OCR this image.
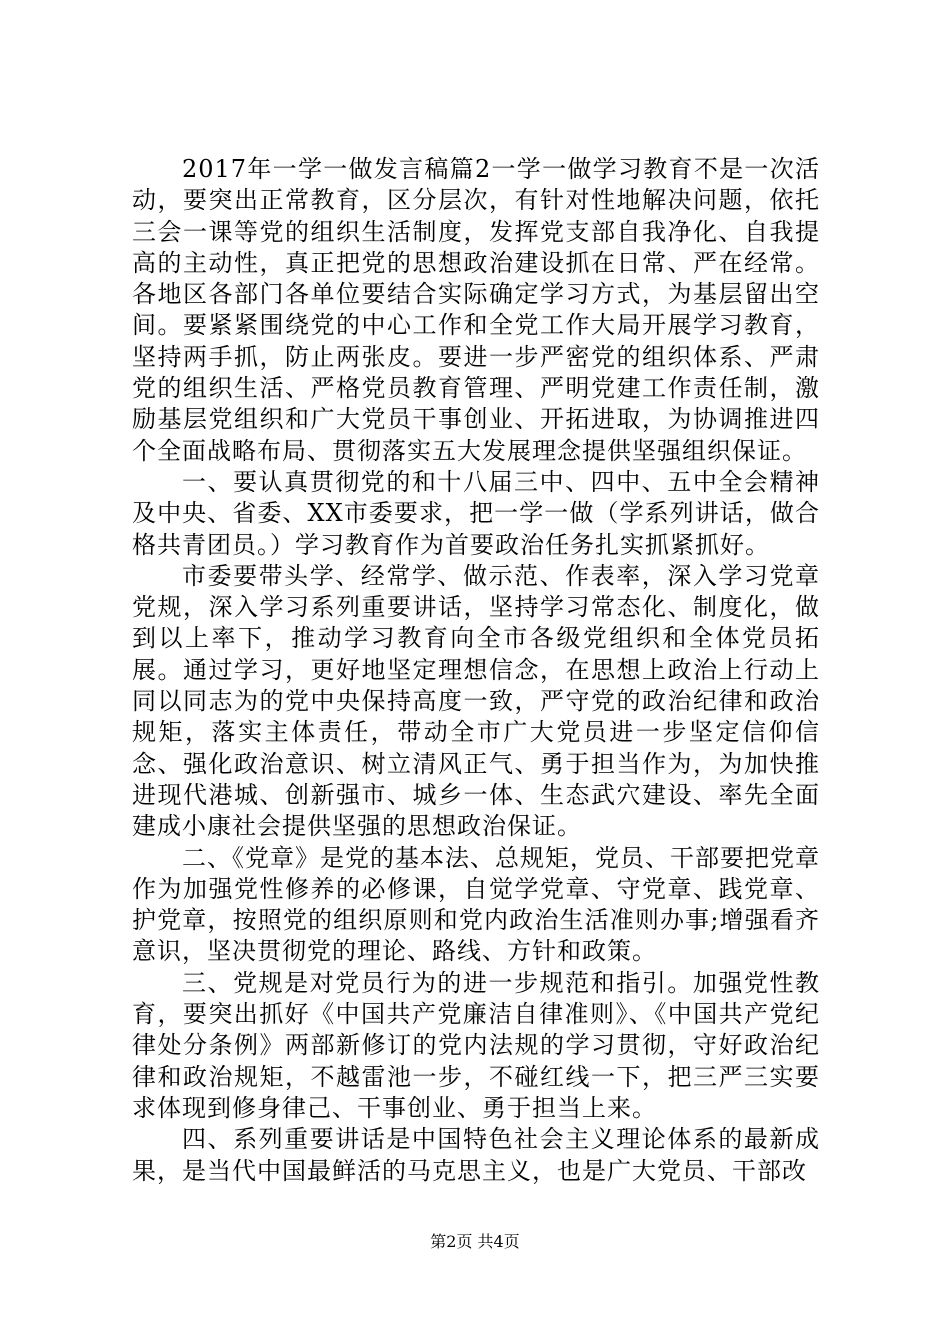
2017年一学一做发言稿篇2一学一做学习教育不是一次活动，要突出正常教育，区分层次，有针对性地解决问题，依托三会一课等党的组织生活制度，发挥党支部自我净化、自我提高的主动性，真正把党的思想政治建设抓在日常、严在经常。各地区各部门各单位要结合实际确定学习方式，为基层留出空间。要紧紧围绕党的中心工作和全党工作大局开展学习教育，坚持两手抓，防止两张皮。要进一步严密党的组织体系、严肃党的组织生活、严格党员教育管理、严明党建工作责任制，激励基层党组织和广大党员干事创业、开拓进取，为协调推进四个全面战略布局、贯彻落实五大发展理念提供坚强组织保证。

一、要认真贯彻党的和十八届三中、四中、五中全会精神及中央、省委、XX市委要求，把一学一做（学系列讲话，做合格共青团员。）学习教育作为首要政治任务扎实抓紧抓好。

市委要带头学、经常学、做示范、作表率，深入学习党章党规，深入学习系列重要讲话，坚持学习常态化、制度化，做到以上率下，推动学习教育向全市各级党组织和全体党员拓展。通过学习，更好地坚定理想信念，在思想上政治上行动上同以同志为的党中央保持高度一致，严守党的政治纪律和政治规矩，落实主体责任，带动全市广大党员进一步坚定信仰信念、强化政治意识、树立清风正气、勇于担当作为，为加快推进现代港城、创新强市、城乡一体、生态武穴建设、率先全面建成小康社会提供坚强的思想政治保证。

二、《党章》是党的基本法、总规矩，党员、干部要把党章作为加强党性修养的必修课，自觉学党章、守党章、践党章、护党章，按照党的组织原则和党内政治生活准则办事;增强看齐意识，坚决贯彻党的理论、路线、方针和政策。

三、党规是对党员行为的进一步规范和指引。加强党性教育，要突出抓好《中国共产党廉洁自律准则》、《中国共产党纪律处分条例》两部新修订的党内法规的学习贯彻，守好政治纪律和政治规矩，不越雷池一步，不碰红线一下，把三严三实要求体现到修身律己、干事创业、勇于担当上来。

四、系列重要讲话是中国特色社会主义理论体系的最新成果，是当代中国最鲜活的马克思主义，也是广大党员、干部改

第2页 共4页
